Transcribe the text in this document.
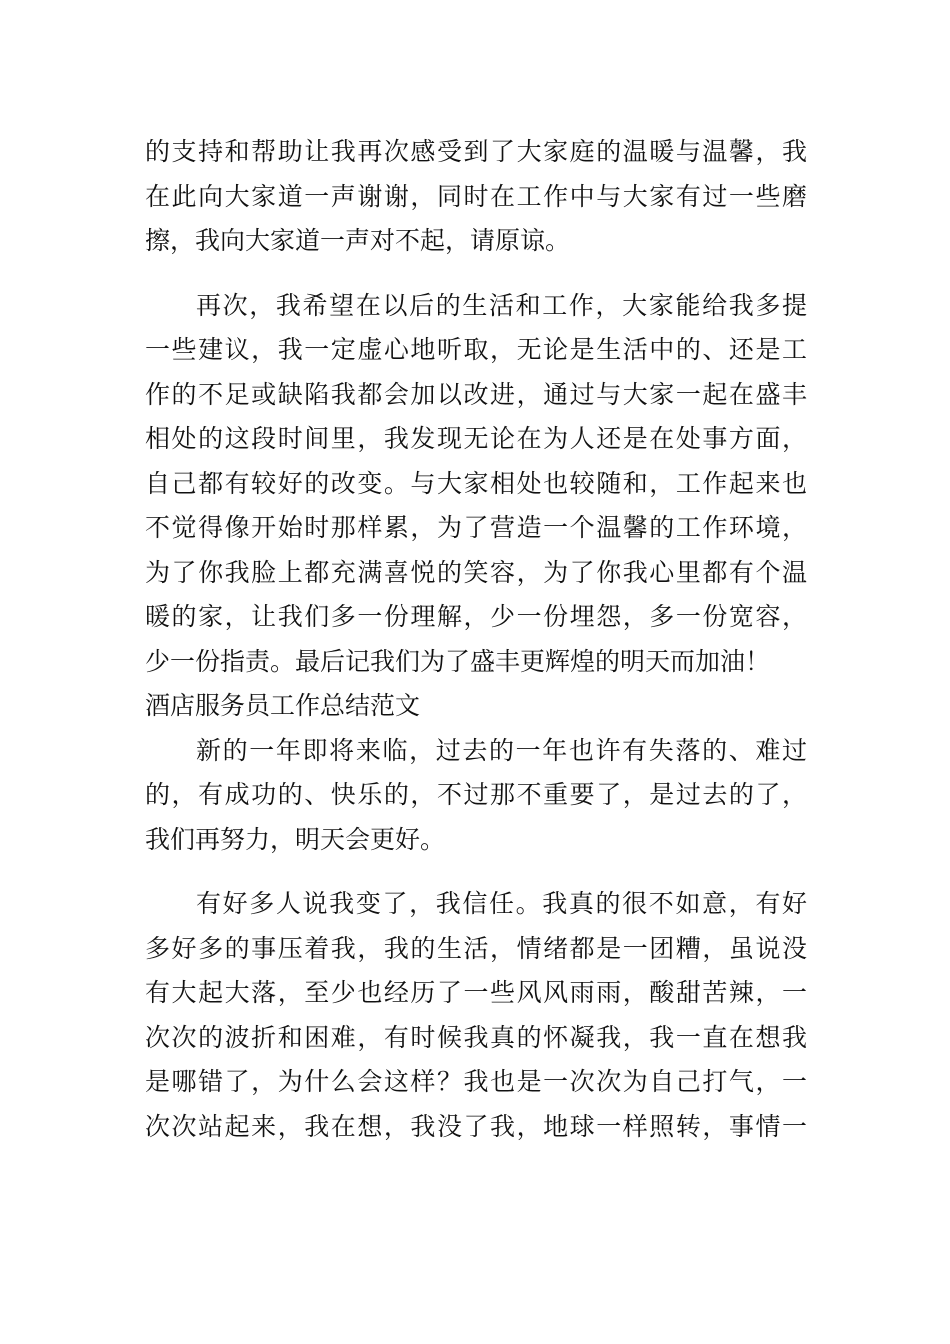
的支持和帮助让我再次感受到了大家庭的温暖与温馨，我
在此向大家道一声谢谢，同时在工作中与大家有过一些磨
擦，我向大家道一声对不起，请原谅。
再次，我希望在以后的生活和工作，大家能给我多提
一些建议，我一定虚心地听取，无论是生活中的、还是工
作的不足或缺陷我都会加以改进，通过与大家一起在盛丰
相处的这段时间里，我发现无论在为人还是在处事方面，
自己都有较好的改变。与大家相处也较随和，工作起来也
不觉得像开始时那样累，为了营造一个温馨的工作环境，
为了你我脸上都充满喜悦的笑容，为了你我心里都有个温
暖的家，让我们多一份理解，少一份埋怨，多一份宽容，
少一份指责。最后记我们为了盛丰更辉煌的明天而加油！
酒店服务员工作总结范文
新的一年即将来临，过去的一年也许有失落的、难过
的，有成功的、快乐的，不过那不重要了，是过去的了，
我们再努力，明天会更好。
有好多人说我变了，我信任。我真的很不如意，有好
多好多的事压着我，我的生活，情绪都是一团糟，虽说没
有大起大落，至少也经历了一些风风雨雨，酸甜苦辣，一
次次的波折和困难，有时候我真的怀凝我，我一直在想我
是哪错了，为什么会这样？我也是一次次为自己打气，一
次次站起来，我在想，我没了我，地球一样照转，事情一
